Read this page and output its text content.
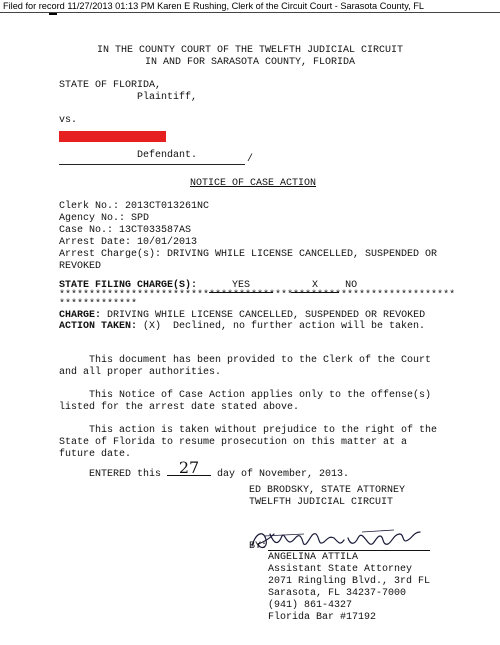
Filed for record 11/27/2013 01:13 PM Karen E Rushing, Clerk of the Circuit Court - Sarasota County, FL
IN THE COUNTY COURT OF THE TWELFTH JUDICIAL CIRCUIT
IN AND FOR SARASOTA COUNTY, FLORIDA
STATE OF FLORIDA,
Plaintiff,
vs.
Defendant.	/
NOTICE OF CASE ACTION
Clerk No.: 2013CT013261NC
Agency No.: SPD
Case No.: 13CT033587AS
Arrest Date: 10/01/2013
Arrest Charge(s): DRIVING WHILE LICENSE CANCELLED, SUSPENDED OR
REVOKED
STATE FILING CHARGE(S):	YES	X	NO
******************************************************************
*************
CHARGE: DRIVING WHILE LICENSE CANCELLED, SUSPENDED OR REVOKED
ACTION TAKEN: (X)  Declined, no further action will be taken.
This document has been provided to the Clerk of the Court
and all proper authorities.
This Notice of Case Action applies only to the offense(s)
listed for the arrest date stated above.
This action is taken without prejudice to the right of the
State of Florida to resume prosecution on this matter at a
future date.
ENTERED this 27 day of November, 2013.
ED BRODSKY, STATE ATTORNEY
TWELFTH JUDICIAL CIRCUIT
BY:
ANGELINA ATTILA
Assistant State Attorney
2071 Ringling Blvd., 3rd FL
Sarasota, FL 34237-7000
(941) 861-4327
Florida Bar #17192
